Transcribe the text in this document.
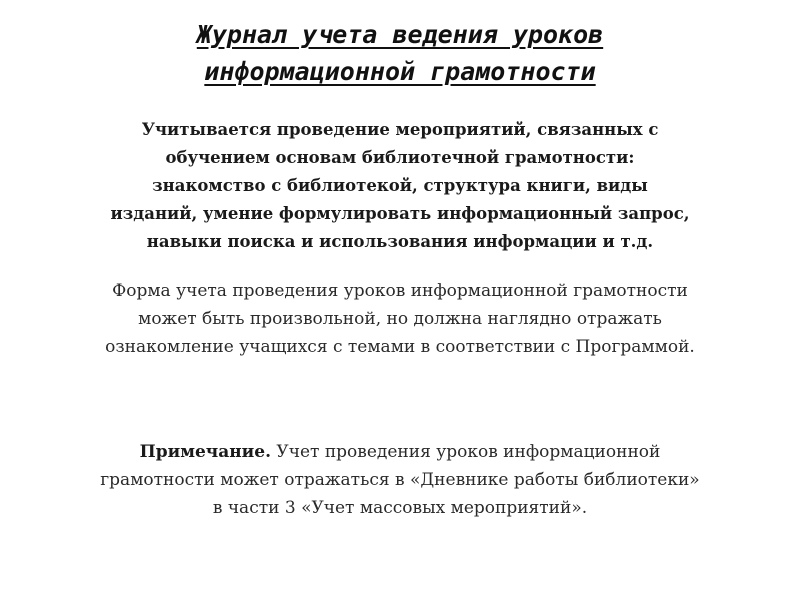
Журнал учета ведения уроков
информационной грамотности

Учитывается проведение мероприятий, связанных с
обучением основам библиотечной грамотности:
знакомство с библиотекой, структура книги, виды
изданий, умение формулировать информационный запрос,
навыки поиска и использования информации и т.д.

Форма учета проведения уроков информационной грамотности
может быть произвольной, но должна наглядно отражать
ознакомление учащихся с темами в соответствии с Программой.

Примечание. Учет проведения уроков информационной
грамотности может отражаться в «Дневнике работы библиотеки»
в части 3 «Учет массовых мероприятий».
